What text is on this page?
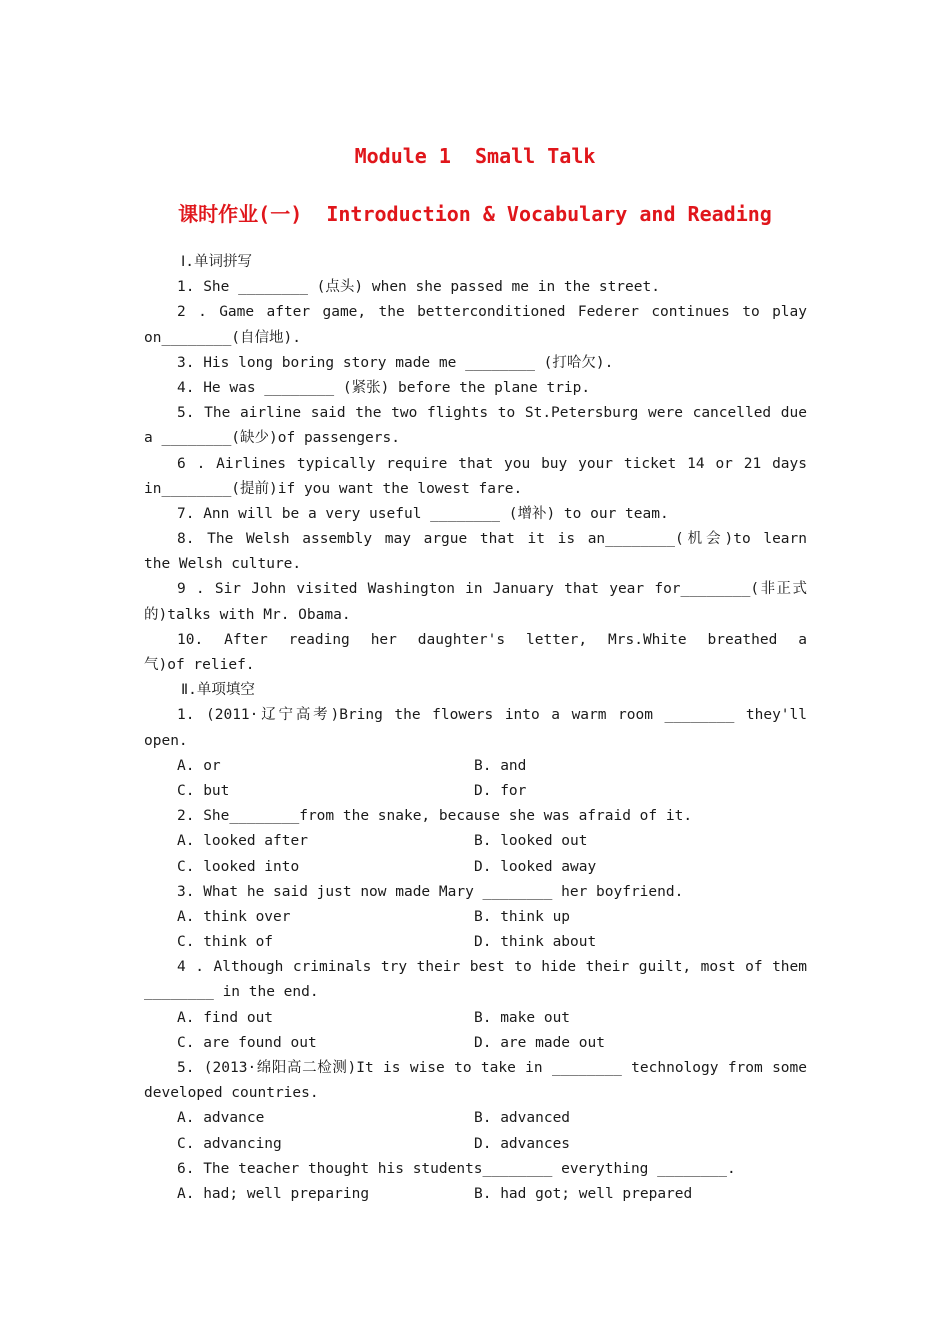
Module 1  Small Talk
课时作业(一)  Introduction & Vocabulary and Reading
Ⅰ.单词拼写
1. She ________ (点头) when she passed me in the street.
2 . Game after game, the betterconditioned Federer continues to play
on________(自信地).
3. His long boring story made me ________ (打哈欠).
4. He was ________ (紧张) before the plane trip.
5. The airline said the two flights to St.Petersburg were cancelled due
a ________(缺少)of passengers.
6 . Airlines typically require that you buy your ticket 14 or 21 days
in________(提前)if you want the lowest fare.
7. Ann will be a very useful ________ (增补) to our team.
8. The Welsh assembly may argue that it is an________(机会)to learn
the Welsh culture.
9 . Sir John visited Washington in January that year for________(非正式
的)talks with Mr. Obama.
10. After reading her daughter's letter, Mrs.White breathed a
气)of relief.
Ⅱ.单项填空
1. (2011·辽宁高考)Bring the flowers into a warm room ________ they'll
open.
A. or	B. and
C. but	D. for
2. She________from the snake, because she was afraid of it.
A. looked after	B. looked out
C. looked into	D. looked away
3. What he said just now made Mary ________ her boyfriend.
A. think over	B. think up
C. think of	D. think about
4 . Although criminals try their best to hide their guilt, most of them
________ in the end.
A. find out	B. make out
C. are found out	D. are made out
5. (2013·绵阳高二检测)It is wise to take in ________ technology from some
developed countries.
A. advance	B. advanced
C. advancing	D. advances
6. The teacher thought his students________ everything ________.
A. had; well preparing	B. had got; well prepared
